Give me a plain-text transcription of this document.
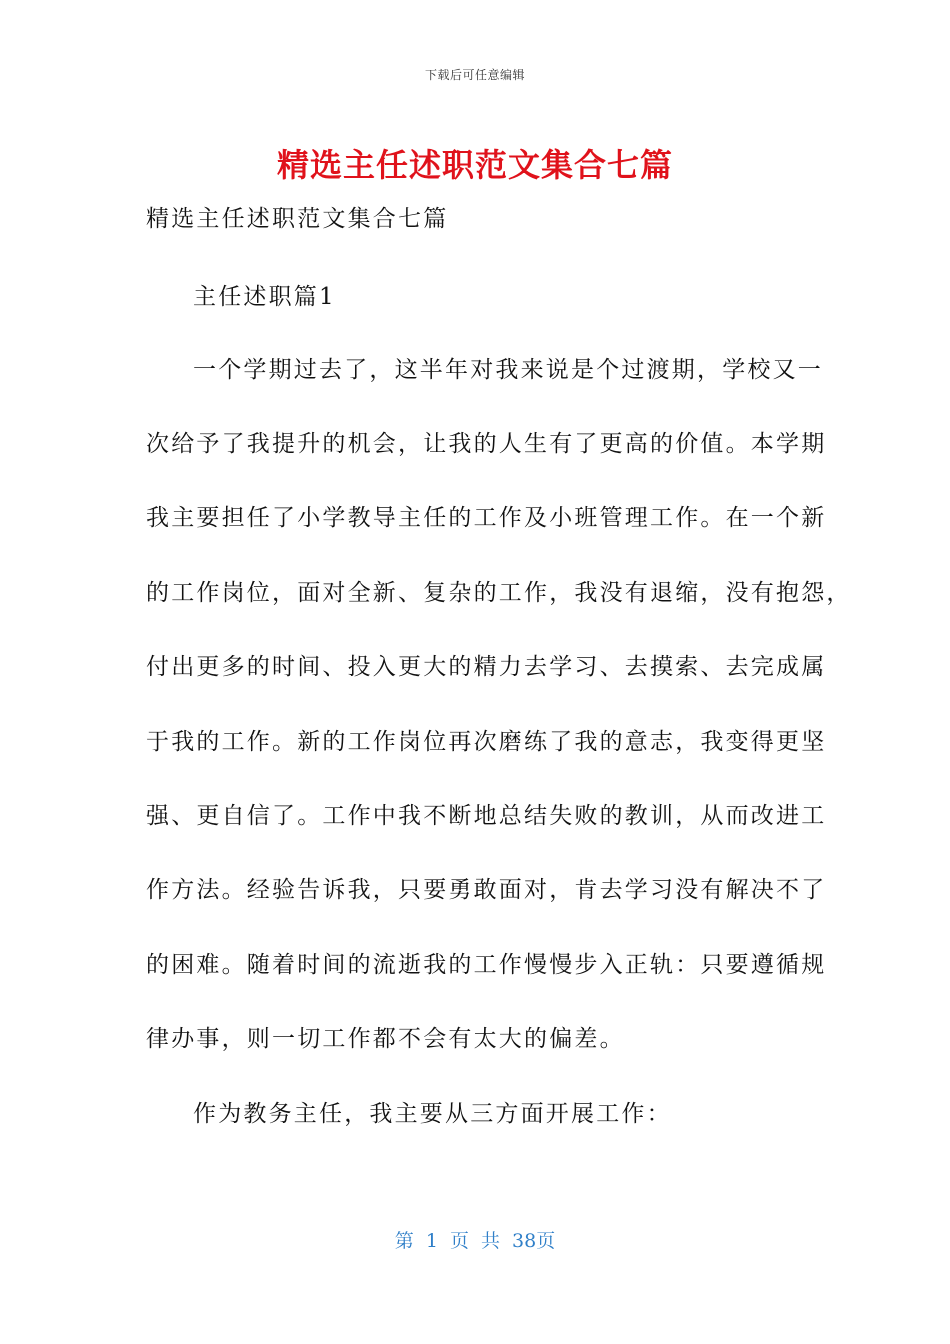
下载后可任意编辑
精选主任述职范文集合七篇
精选主任述职范文集合七篇
主任述职篇1
一个学期过去了，这半年对我来说是个过渡期，学校又一
次给予了我提升的机会，让我的人生有了更高的价值。本学期
我主要担任了小学教导主任的工作及小班管理工作。在一个新
的工作岗位，面对全新、复杂的工作，我没有退缩，没有抱怨，
付出更多的时间、投入更大的精力去学习、去摸索、去完成属
于我的工作。新的工作岗位再次磨练了我的意志，我变得更坚
强、更自信了。工作中我不断地总结失败的教训，从而改进工
作方法。经验告诉我，只要勇敢面对，肯去学习没有解决不了
的困难。随着时间的流逝我的工作慢慢步入正轨：只要遵循规
律办事，则一切工作都不会有太大的偏差。
作为教务主任，我主要从三方面开展工作：
第 1 页 共 38页
